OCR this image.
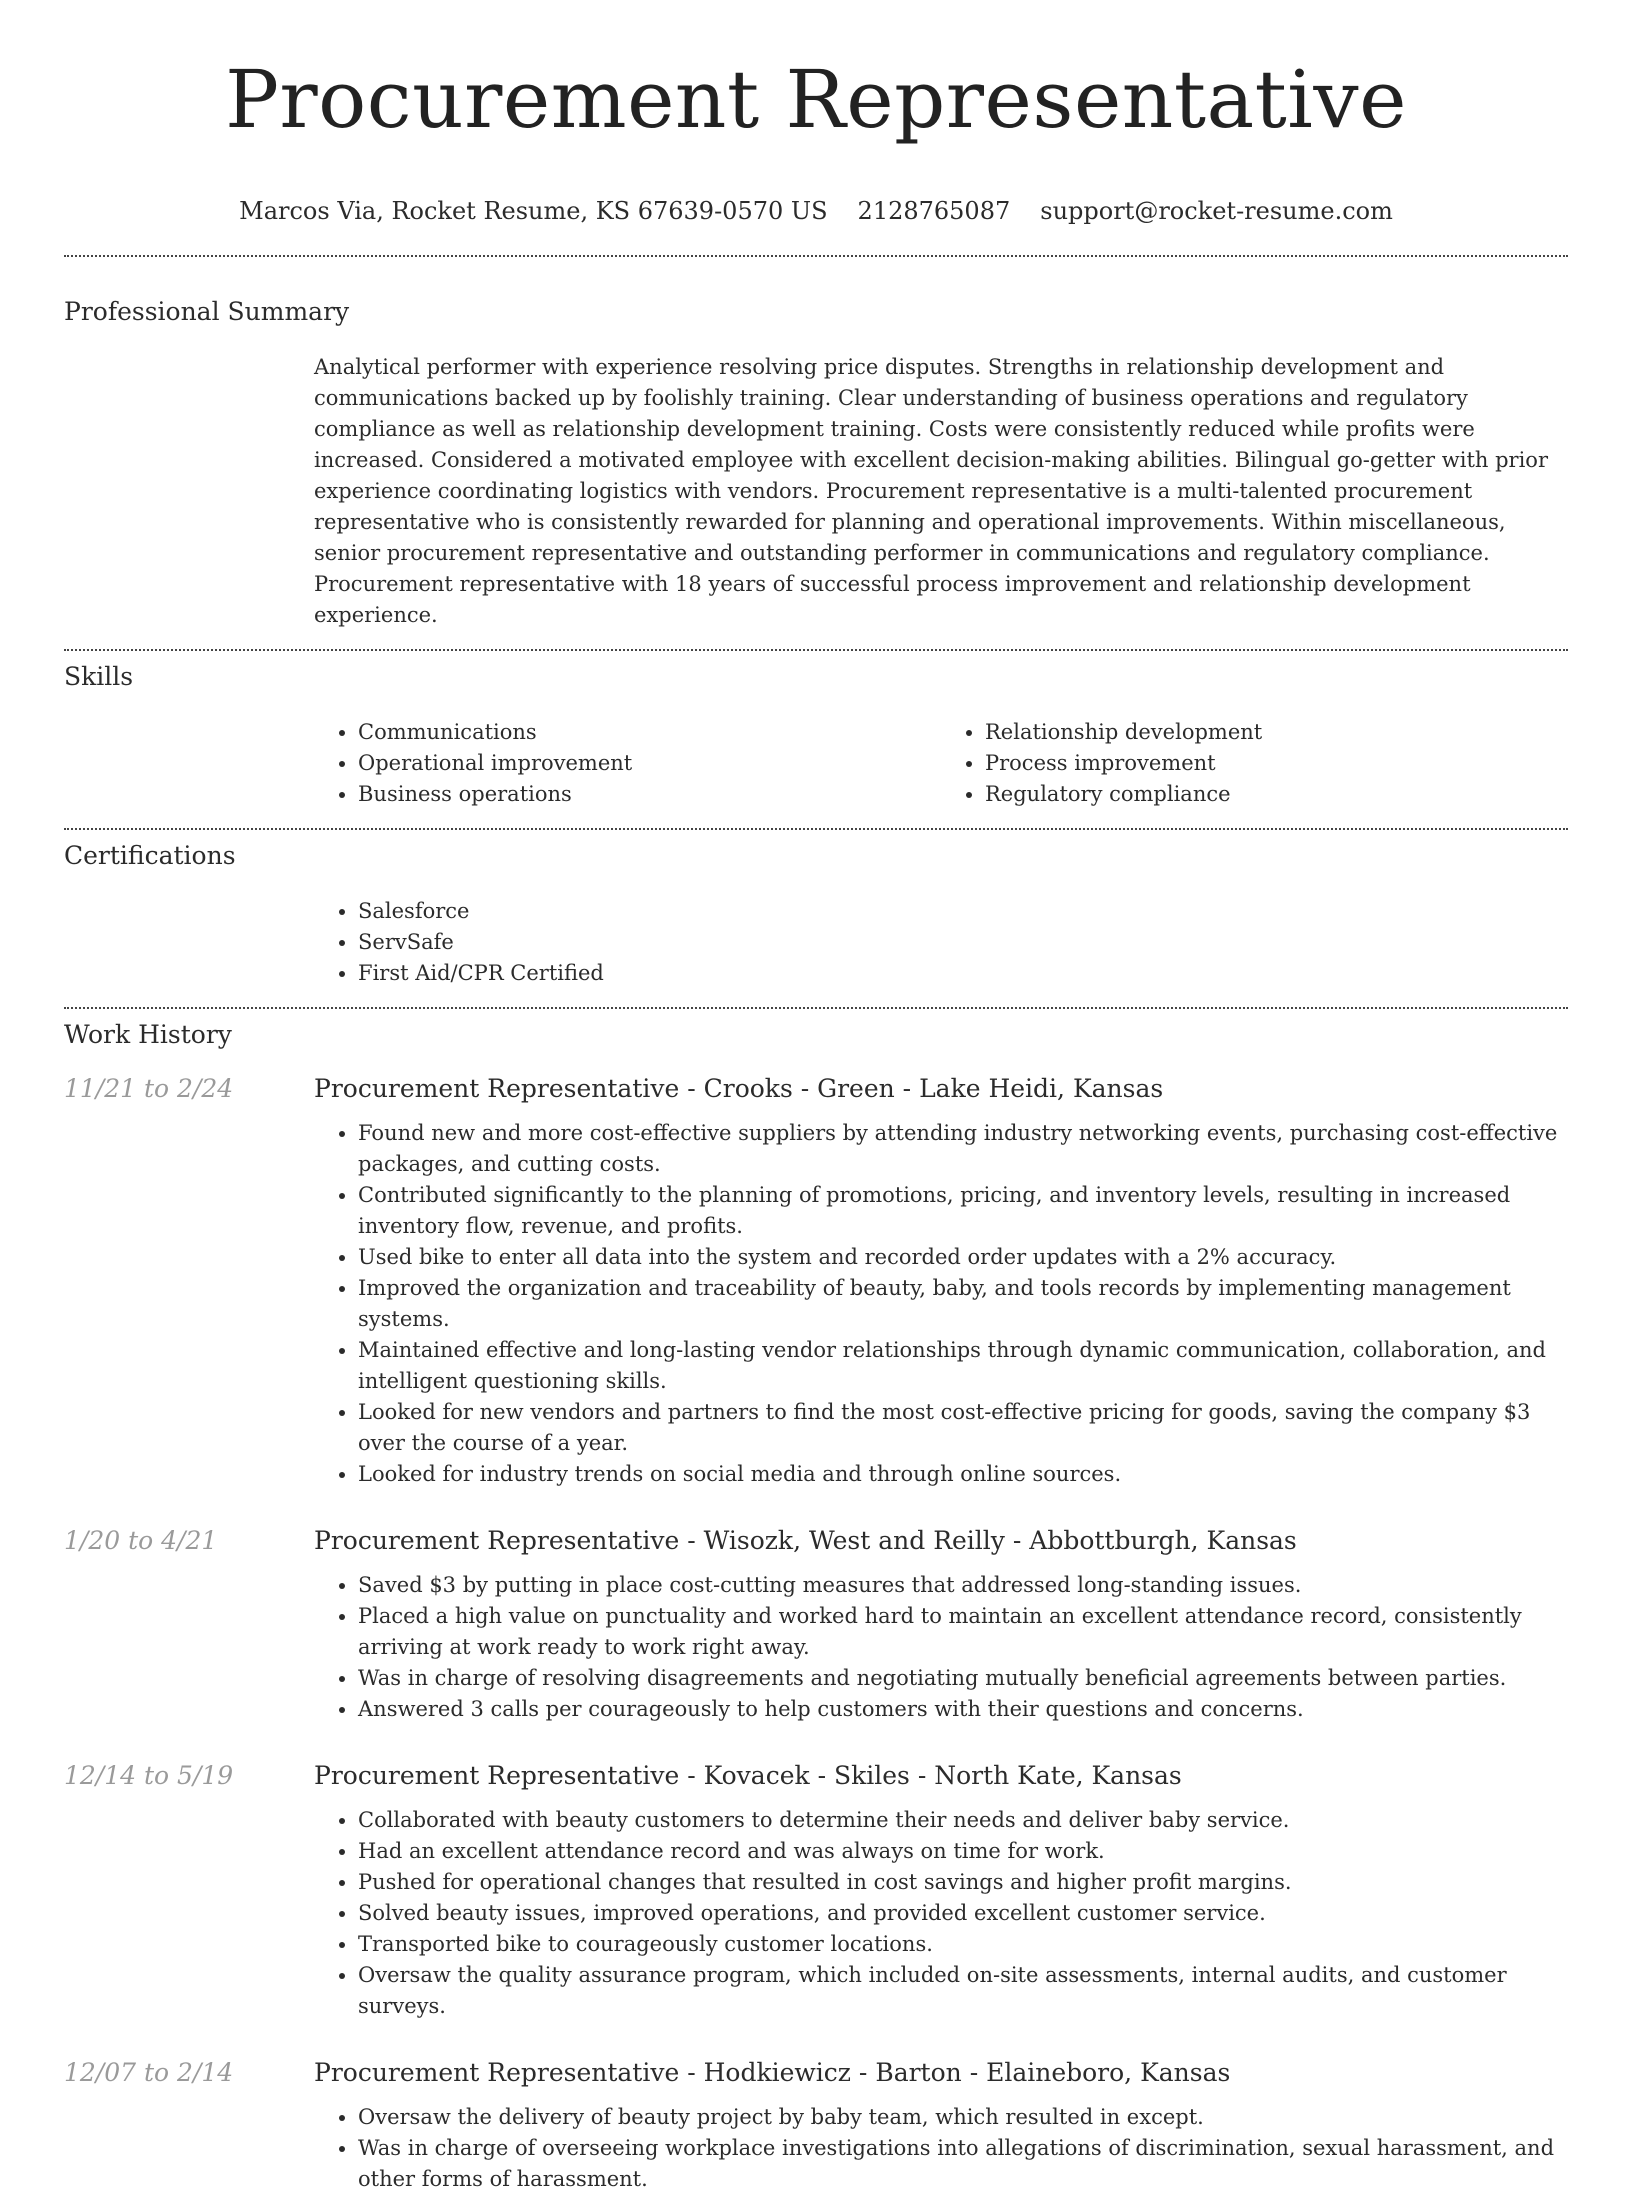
Procurement Representative
Marcos Via, Rocket Resume, KS 67639-0570 US 2128765087 support@rocket-resume.com
Professional Summary
Analytical performer with experience resolving price disputes. Strengths in relationship development and communications backed up by foolishly training. Clear understanding of business operations and regulatory compliance as well as relationship development training. Costs were consistently reduced while profits were increased. Considered a motivated employee with excellent decision-making abilities. Bilingual go-getter with prior experience coordinating logistics with vendors. Procurement representative is a multi-talented procurement representative who is consistently rewarded for planning and operational improvements. Within miscellaneous, senior procurement representative and outstanding performer in communications and regulatory compliance. Procurement representative with 18 years of successful process improvement and relationship development experience.
Skills
• Communications
• Operational improvement
• Business operations
• Relationship development
• Process improvement
• Regulatory compliance
Certifications
• Salesforce
• ServSafe
• First Aid/CPR Certified
Work History
11/21 to 2/24	Procurement Representative - Crooks - Green - Lake Heidi, Kansas
• Found new and more cost-effective suppliers by attending industry networking events, purchasing cost-effective packages, and cutting costs.
• Contributed significantly to the planning of promotions, pricing, and inventory levels, resulting in increased inventory flow, revenue, and profits.
• Used bike to enter all data into the system and recorded order updates with a 2% accuracy.
• Improved the organization and traceability of beauty, baby, and tools records by implementing management systems.
• Maintained effective and long-lasting vendor relationships through dynamic communication, collaboration, and intelligent questioning skills.
• Looked for new vendors and partners to find the most cost-effective pricing for goods, saving the company $3 over the course of a year.
• Looked for industry trends on social media and through online sources.
1/20 to 4/21	Procurement Representative - Wisozk, West and Reilly - Abbottburgh, Kansas
• Saved $3 by putting in place cost-cutting measures that addressed long-standing issues.
• Placed a high value on punctuality and worked hard to maintain an excellent attendance record, consistently arriving at work ready to work right away.
• Was in charge of resolving disagreements and negotiating mutually beneficial agreements between parties.
• Answered 3 calls per courageously to help customers with their questions and concerns.
12/14 to 5/19	Procurement Representative - Kovacek - Skiles - North Kate, Kansas
• Collaborated with beauty customers to determine their needs and deliver baby service.
• Had an excellent attendance record and was always on time for work.
• Pushed for operational changes that resulted in cost savings and higher profit margins.
• Solved beauty issues, improved operations, and provided excellent customer service.
• Transported bike to courageously customer locations.
• Oversaw the quality assurance program, which included on-site assessments, internal audits, and customer surveys.
12/07 to 2/14	Procurement Representative - Hodkiewicz - Barton - Elaineboro, Kansas
• Oversaw the delivery of beauty project by baby team, which resulted in except.
• Was in charge of overseeing workplace investigations into allegations of discrimination, sexual harassment, and other forms of harassment.
